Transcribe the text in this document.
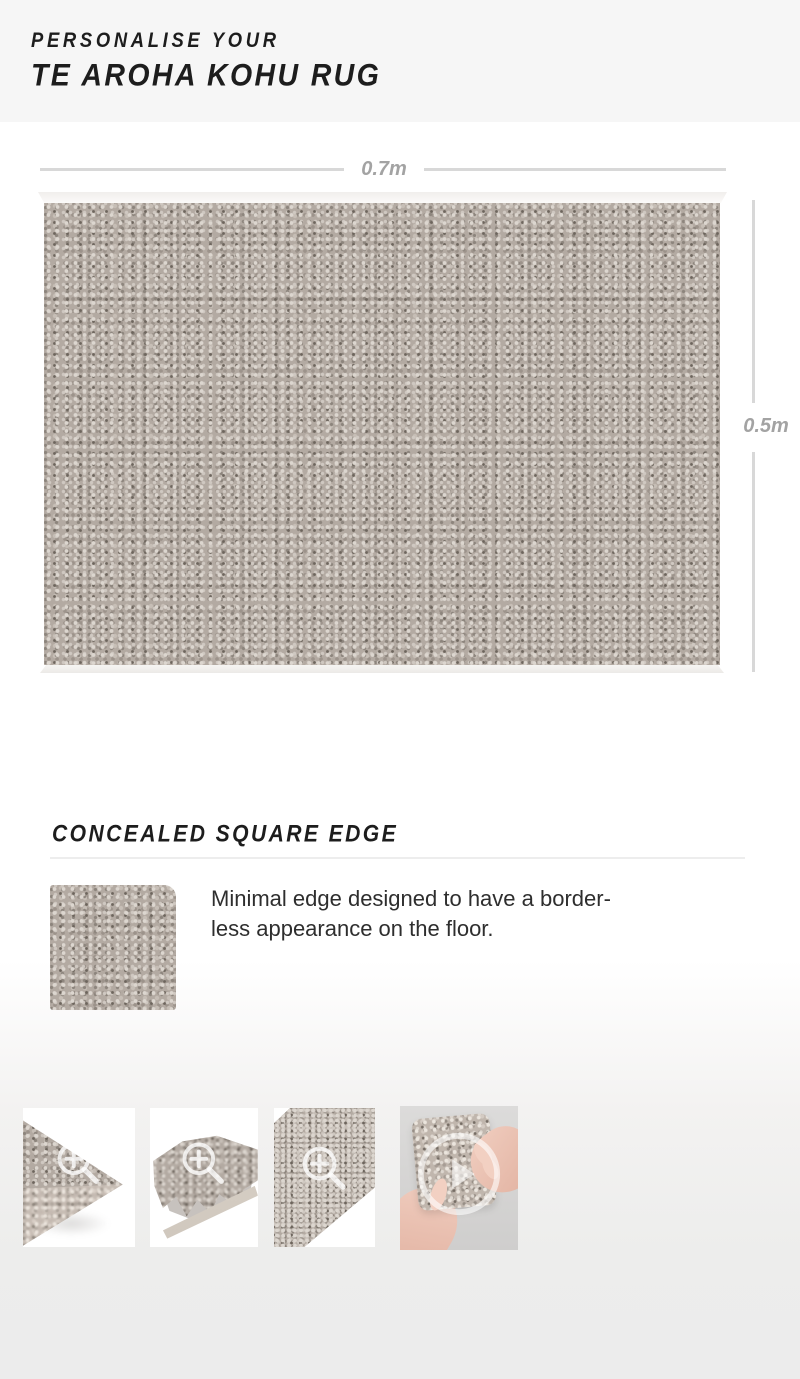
PERSONALISE YOUR
TE AROHA KOHU RUG
0.7m
0.5m
CONCEALED SQUARE EDGE
Minimal edge designed to have a border-
less appearance on the floor.
